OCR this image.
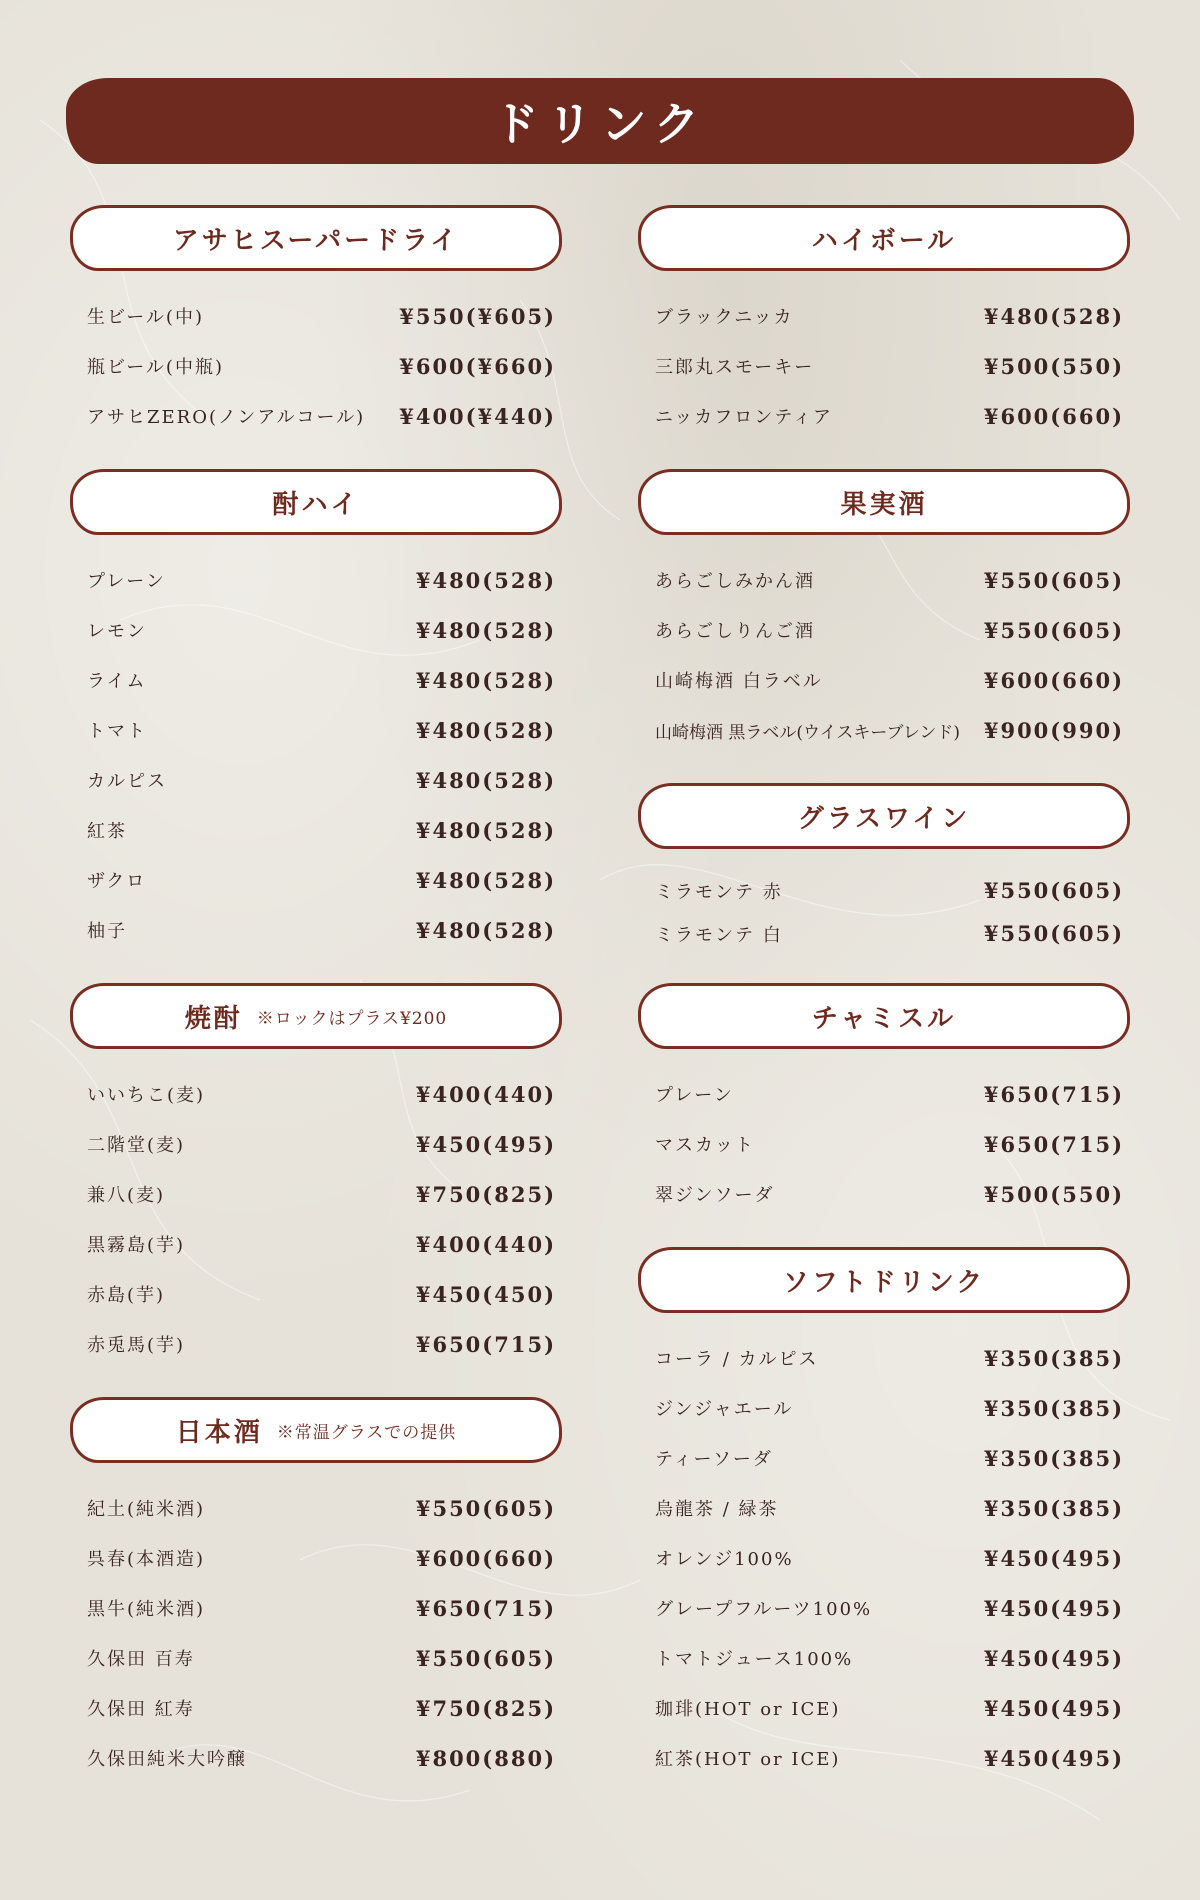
ドリンク
アサヒスーパードライ
生ビール(中)	¥550(¥605)
瓶ビール(中瓶)	¥600(¥660)
アサヒZERO(ノンアルコール) ¥400(¥440)
酎ハイ
プレーン	¥480(528)
レモン	¥480(528)
ライム	¥480(528)
トマト	¥480(528)
カルピス	¥480(528)
紅茶	¥480(528)
ザクロ	¥480(528)
柚子	¥480(528)
焼酎 ※ロックはプラス¥200
いいちこ(麦)	¥400(440)
二階堂(麦)	¥450(495)
兼八(麦)	¥750(825)
黒霧島(芋)	¥400(440)
赤島(芋)	¥450(450)
赤兎馬(芋)	¥650(715)
日本酒 ※常温グラスでの提供
紀土(純米酒)	¥550(605)
呉春(本酒造)	¥600(660)
黒牛(純米酒)	¥650(715)
久保田 百寿	¥550(605)
久保田 紅寿	¥750(825)
久保田純米大吟醸	¥800(880)
ハイボール
ブラックニッカ	¥480(528)
三郎丸スモーキー	¥500(550)
ニッカフロンティア	¥600(660)
果実酒
あらごしみかん酒	¥550(605)
あらごしりんご酒	¥550(605)
山崎梅酒 白ラベル	¥600(660)
山崎梅酒 黒ラベル(ウイスキーブレンド) ¥900(990)
グラスワイン
ミラモンテ 赤	¥550(605)
ミラモンテ 白	¥550(605)
チャミスル
プレーン	¥650(715)
マスカット	¥650(715)
翠ジンソーダ	¥500(550)
ソフトドリンク
コーラ / カルピス	¥350(385)
ジンジャエール	¥350(385)
ティーソーダ	¥350(385)
烏龍茶 / 緑茶	¥350(385)
オレンジ100%	¥450(495)
グレープフルーツ100%	¥450(495)
トマトジュース100%	¥450(495)
珈琲(HOT or ICE)	¥450(495)
紅茶(HOT or ICE)	¥450(495)
